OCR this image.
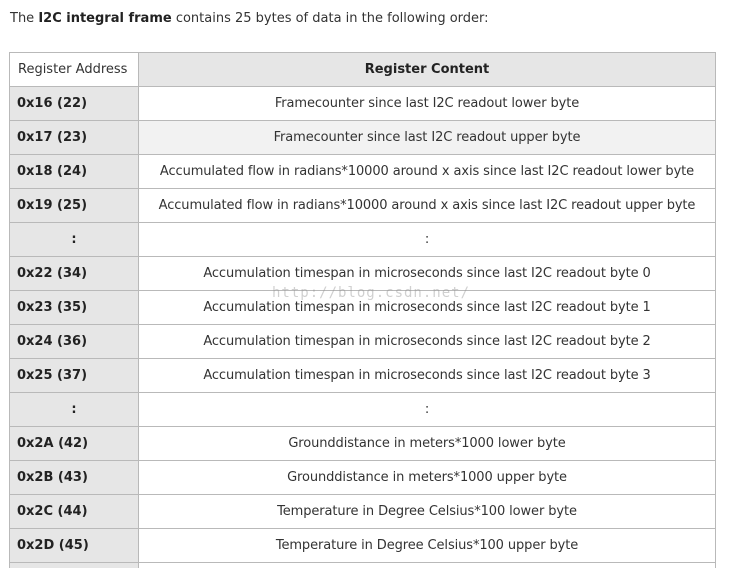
The I2C integral frame contains 25 bytes of data in the following order:
Register Address	Register Content
0x16 (22)	Framecounter since last I2C readout lower byte
0x17 (23)	Framecounter since last I2C readout upper byte
0x18 (24)	Accumulated flow in radians*10000 around x axis since last I2C readout lower byte
0x19 (25)	Accumulated flow in radians*10000 around x axis since last I2C readout upper byte
:	:
0x22 (34)	Accumulation timespan in microseconds since last I2C readout byte 0
0x23 (35)	Accumulation timespan in microseconds since last I2C readout byte 1
0x24 (36)	Accumulation timespan in microseconds since last I2C readout byte 2
0x25 (37)	Accumulation timespan in microseconds since last I2C readout byte 3
:	:
0x2A (42)	Grounddistance in meters*1000 lower byte
0x2B (43)	Grounddistance in meters*1000 upper byte
0x2C (44)	Temperature in Degree Celsius*100 lower byte
0x2D (45)	Temperature in Degree Celsius*100 upper byte

http://blog.csdn.net/
